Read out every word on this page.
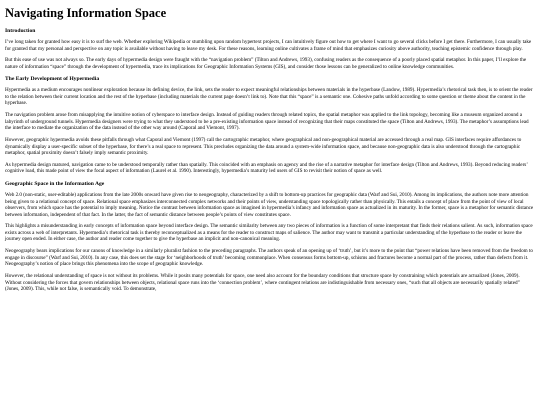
Navigating Information Space
Introduction

I’ve long taken for granted how easy it is to surf the web. Whether exploring Wikipedia or stumbling upon random hypertext projects, I can intuitively figure out how to get where I want to go several clicks before I get there. Furthermore, I can usually take for granted that my personal and perspective on any topic is available without having to leave my desk. For these reasons, learning online cultivates a frame of mind that emphasizes curiosity above authority, teaching epistemic confidence through play.

But this ease of use was not always so. The early days of hypermedia design were fraught with the “navigation problem” (Tilton and Andrews, 1993), confusing readers as the consequence of a poorly placed spatial metaphor. In this paper, I’ll explore the nature of information “space” through the development of hypermedia, trace its implications for Geographic Information Systems (GIS), and consider those lessons can be generalized to online knowledge communities.

The Early Development of Hypermedia

Hypermedia as a medium encourages nonlinear exploration because its defining device, the link, sets the reader to expect meaningful relationships between materials in the hyperbase (Landow, 1989). Hypermedia’s rhetorical task then, is to orient the reader to the relation between their current location and the rest of the hyperbase (including materials the current page doesn’t link to). Note that this “space” is a semantic one. Cohesive paths unfold according to some question or theme about the content in the hyperbase.

The navigation problem arose from misapplying the intuitive notion of cyberspace to interface design. Instead of guiding readers through related topics, the spatial metaphor was applied to the link topology, becoming like a museum organized around a labyrinth of underground tunnels. Hypermedia designers were trying to what they understood to be a pre-existing information space instead of recognizing that their maps constituted the space (Tilton and Andrews, 1993). The metaphor’s assumptions lead the interface to mediate the organization of the data instead of the other way around (Caporal and Viemont, 1997).

However, geographic hypermedia avoids these pitfalls through what Caporal and Viemont (1997) call the cartographic metaphor, where geographical and non-geographical material are accessed through a real map. GIS interfaces require affordances to dynamically display a user-specific subset of the hyperbase, for there’s a real space to represent. This precludes organizing the data around a system-wide information space, and because non-geographic data is also understood through the cartographic metaphor, spatial proximity doesn’t falsely imply semantic proximity.

As hypermedia design matured, navigation came to be understood temporally rather than spatially. This coincided with an emphasis on agency and the rise of a narrative metaphor for interface design (Tilton and Andrews, 1993). Beyond reducing readers’ cognitive load, this made point of view the focal aspect of information (Laurel et al. 1990). Interestingly, hypermedia’s maturity led users of GIS to revisit their notion of space as well.

Geographic Space in the Information Age

Web 2.0 (non-static, user-editable) applications from the late 2000s onward have given rise to neogeography, characterized by a shift to bottom-up practices for geographic data (Warf and Sui, 2010). Among its implications, the authors note more attention being given to a relational concept of space. Relational space emphasizes interconnected complex networks and their points of view, understanding space topologically rather than physically. This entails a concept of place from the point of view of local observers, from which space has the potential to imply meaning. Notice the contrast between information space as imagined in hypermedia’s infancy and information space as actualized in its maturity. In the former, space is a metaphor for semantic distance between information, independent of that fact. In the latter, the fact of semantic distance between people’s points of view constitutes space.

This highlights a misunderstanding in early concepts of information space beyond interface design. The semantic similarity between any two pieces of information is a function of some interpretant that finds their relations salient. As such, information space exists across a web of interpretants. Hypermedia’s rhetorical task is thereby reconceptualized as a means for the reader to construct maps of salience. The author may want to transmit a particular understanding of the hyperbase to the reader or leave the journey open ended. In either case, the author and reader come together to give the hyperbase an implicit and non-canonical meaning.

Neogeography bears implications for our canons of knowledge in a similarly pluralist fashion to the preceding paragraphs. The authors speak of an opening up of ‘truth’, but it’s more to the point that “power relations have been removed from the freedom to engage in discourse” (Warf and Sui, 2010). In any case, this does set the stage for ‘neighborhoods of truth’ becoming commonplace. When consensus forms bottom-up, schisms and fractures become a normal part of the process, rather than defects from it. Neogeography’s notion of place brings this phenomena into the scope of geographic knowledge.

However, the relational understanding of space is not without its problems. While it posits many potentials for space, one need also account for the boundary conditions that structure space by constraining which potentials are actualized (Jones, 2009). Without considering the forces that govern relationships between objects, relational space runs into the ‘connection problem’, where contingent relations are indistinguishable from necessary ones, “such that all objects are necessarily spatially related” (Jones, 2009). This, while not false, is semantically void. To demonstrate,
